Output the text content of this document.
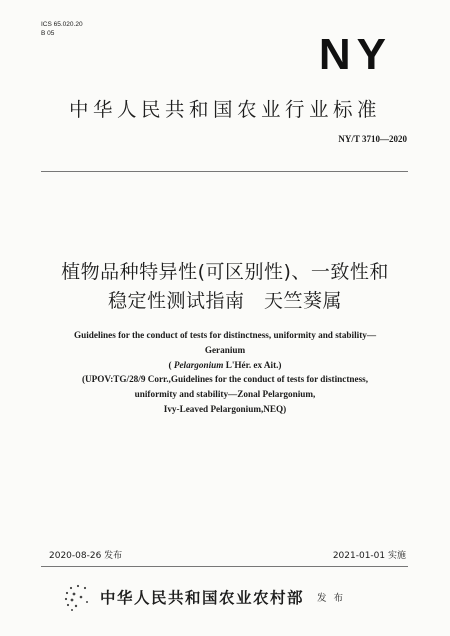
ICS 65.020.20
B 05	NY
中华人民共和国农业行业标准
NY/T 3710—2020
植物品种特异性(可区别性)、一致性和
稳定性测试指南　天竺葵属
Guidelines for the conduct of tests for distinctness, uniformity and stability—
Geranium
( Pelargonium L'Hér. ex Ait.)
(UPOV:TG/28/9 Corr.,Guidelines for the conduct of tests for distinctness,
uniformity and stability—Zonal Pelargonium,
Ivy-Leaved Pelargonium,NEQ)
2020-08-26 发布	2021-01-01 实施
中华人民共和国农业农村部 发 布
